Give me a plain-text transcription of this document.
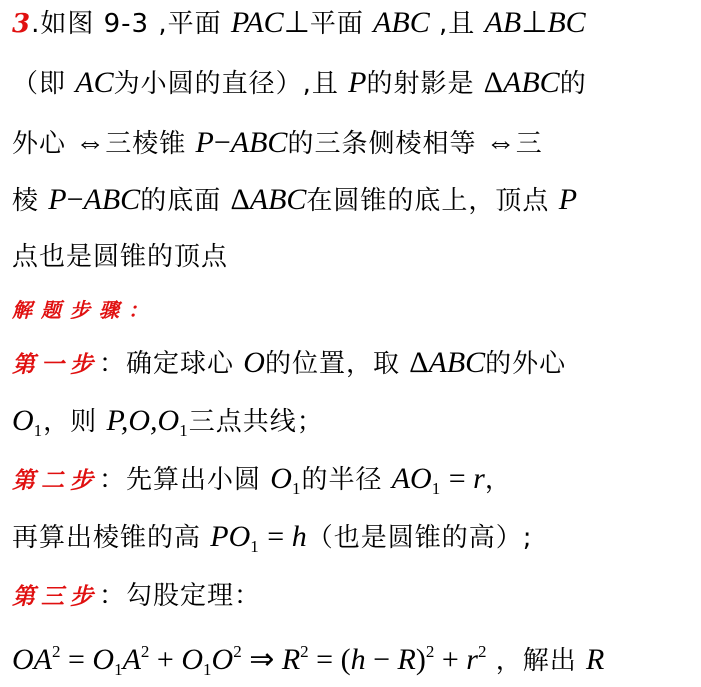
3.如图 9-3 ,平面 PAC⊥平面 ABC ,且 AB⊥BC
（即 AC为小圆的直径）,且 P的射影是 ΔABC的
外心 ⇔三棱锥 P−ABC的三条侧棱相等 ⇔三
棱 P−ABC的底面 ΔABC在圆锥的底上，顶点 P
点也是圆锥的顶点
解题步骤：
第一步：确定球心 O的位置，取 ΔABC的外心
$O_1$，则 $P,O,O_1$三点共线；
第二步：先算出小圆 $O_1$的半径 $AO_1 = r$，
再算出棱锥的高 $PO_1 = h$（也是圆锥的高）;
第三步：勾股定理：
$OA^2 = O_1A^2 + O_1O^2$ ⇒ $R^2 = (h - R)^2 + r^2$ ，解出 R
